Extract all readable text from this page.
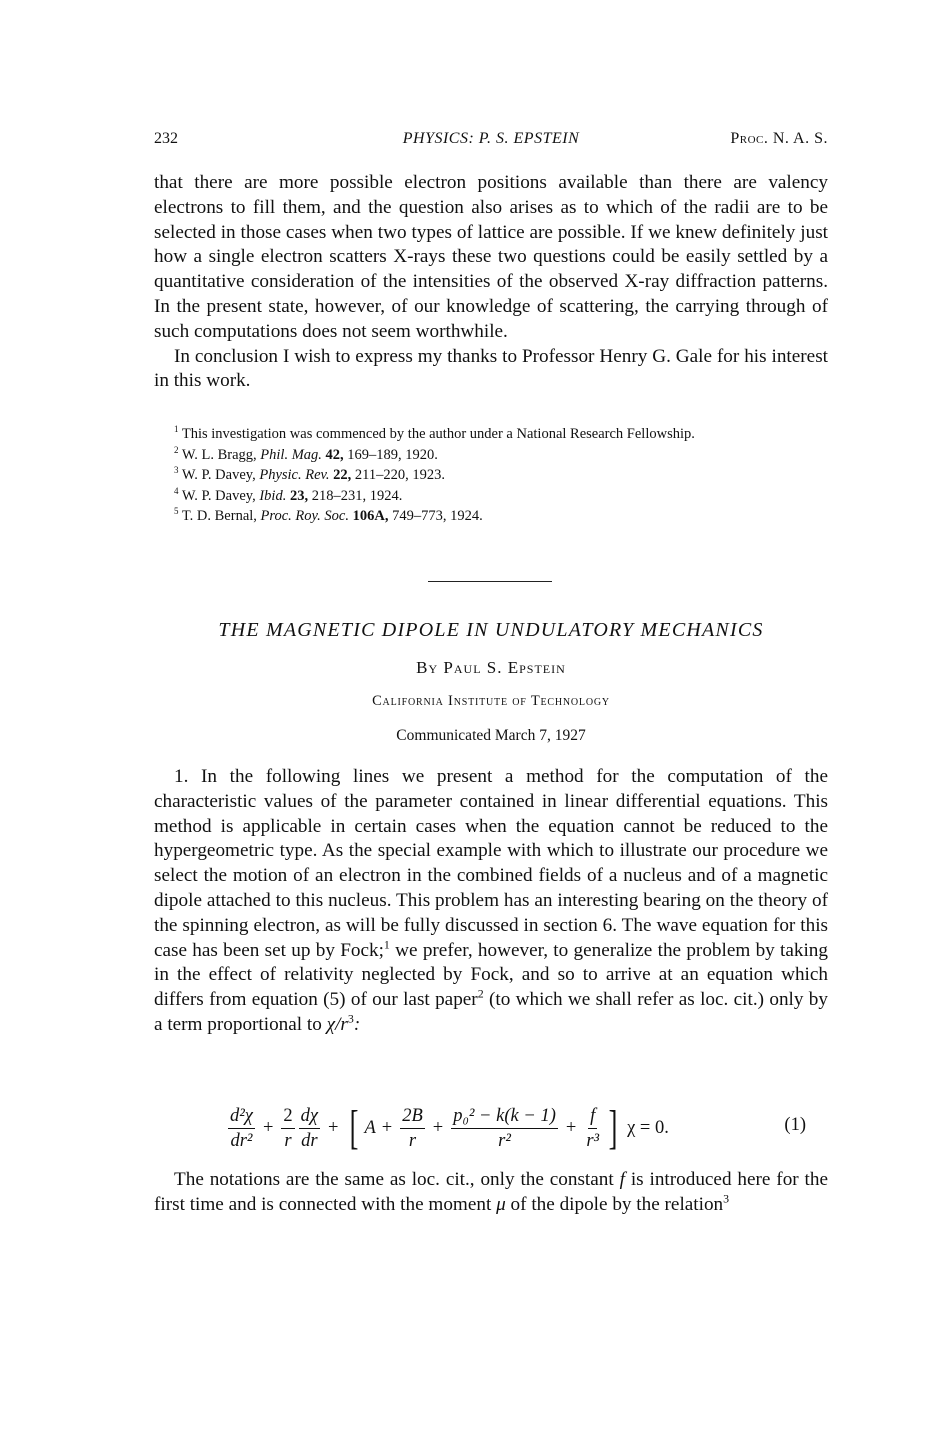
232	PHYSICS: P. S. EPSTEIN	Proc. N. A. S.

that there are more possible electron positions available than there are valency electrons to fill them, and the question also arises as to which of the radii are to be selected in those cases when two types of lattice are possible. If we knew definitely just how a single electron scatters X-rays these two questions could be easily settled by a quantitative consideration of the intensities of the observed X-ray diffraction patterns. In the present state, however, of our knowledge of scattering, the carrying through of such computations does not seem worthwhile.

In conclusion I wish to express my thanks to Professor Henry G. Gale for his interest in this work.

$^1$ This investigation was commenced by the author under a National Research Fellowship.

$^2$ W. L. Bragg, Phil. Mag. 42, 169–189, 1920.

$^3$ W. P. Davey, Physic. Rev. 22, 211–220, 1923.

$^4$ W. P. Davey, Ibid. 23, 218–231, 1924.

$^5$ T. D. Bernal, Proc. Roy. Soc. 106A, 749–773, 1924.

THE MAGNETIC DIPOLE IN UNDULATORY MECHANICS
By Paul S. Epstein
California Institute of Technology
Communicated March 7, 1927

1. In the following lines we present a method for the computation of the characteristic values of the parameter contained in linear differential equations. This method is applicable in certain cases when the equation cannot be reduced to the hypergeometric type. As the special example with which to illustrate our procedure we select the motion of an electron in the combined fields of a nucleus and of a magnetic dipole attached to this nucleus. This problem has an interesting bearing on the theory of the spinning electron, as will be fully discussed in section 6. The wave equation for this case has been set up by Fock;$^1$ we prefer, however, to generalize the problem by taking in the effect of relativity neglected by Fock, and so to arrive at an equation which differs from equation (5) of our last paper$^2$ (to which we shall refer as loc. cit.) only by a term proportional to $\chi/r^3$:

$\frac{\text{d²χ}}{\text{dr²}} + \frac{2}{r} \frac{d\chi}{dr}$ + [ $A + \frac{2B}{r} + \frac{\text{p₀² − k(k − 1)}}{\text{r²}} + \frac{f}{\text{r³}}$ ] χ = 0.	(1)

The notations are the same as loc. cit., only the constant f is introduced here for the first time and is connected with the moment μ of the dipole by the relation$^3$
